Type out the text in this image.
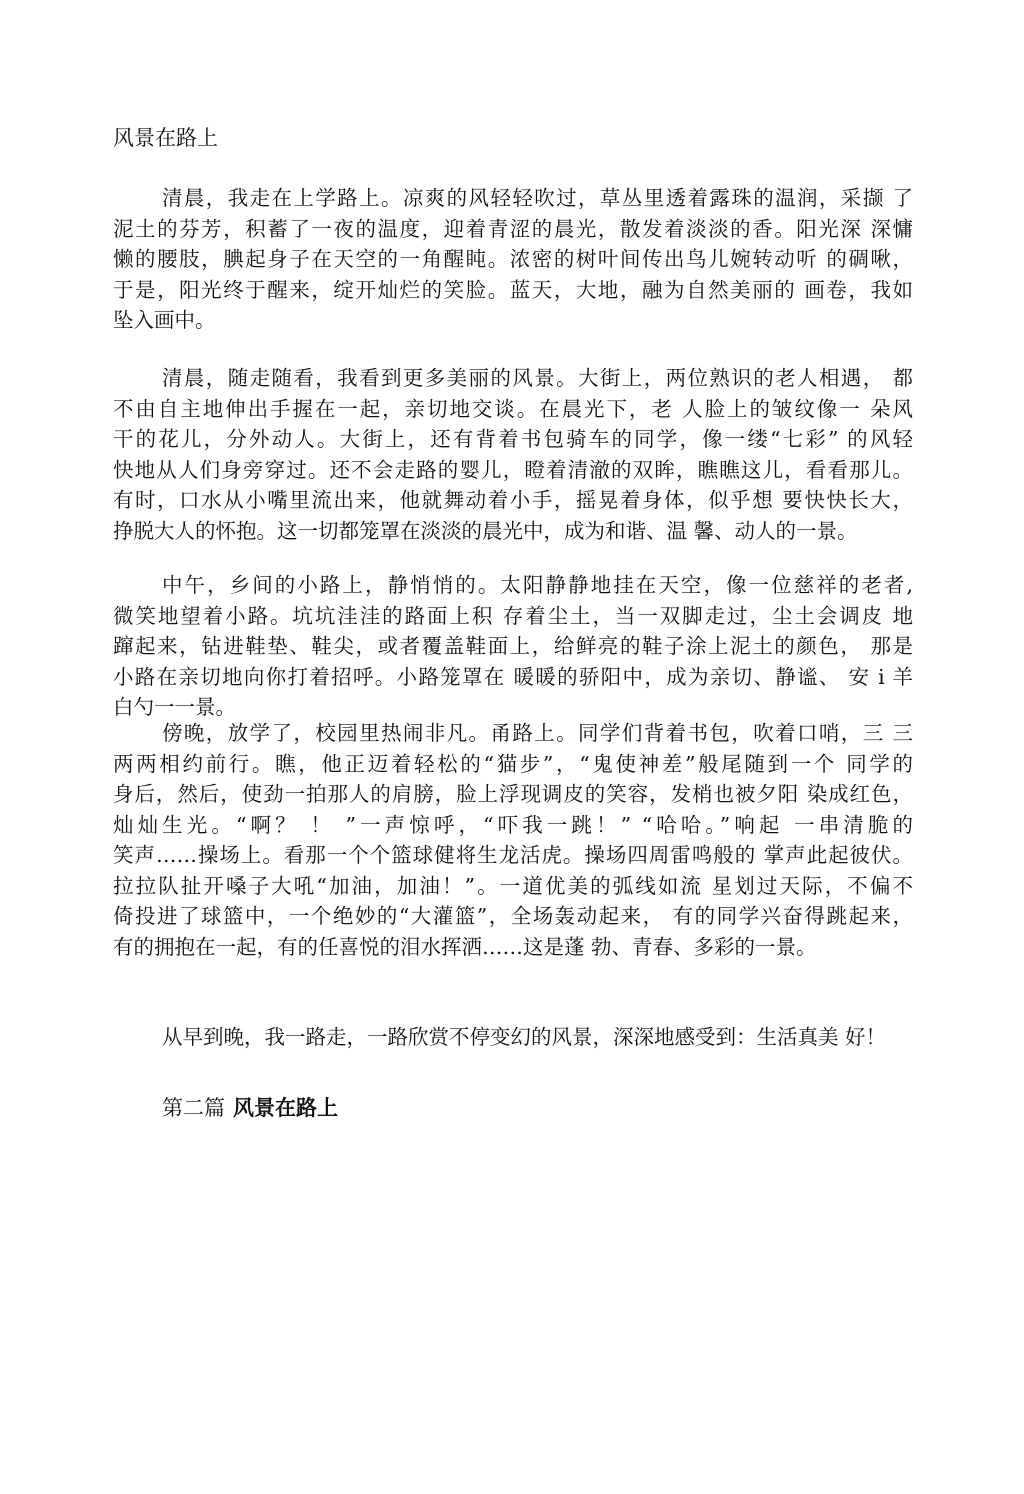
风景在路上
清晨，我走在上学路上。凉爽的风轻轻吹过，草丛里透着露珠的温润，采撷 了
泥土的芬芳，积蓄了一夜的温度，迎着青涩的晨光，散发着淡淡的香。阳光深 深慵
懒的腰肢，腆起身子在天空的一角醒盹。浓密的树叶间传出鸟儿婉转动听 的碉啾，
于是，阳光终于醒来，绽开灿烂的笑脸。蓝天，大地，融为自然美丽的 画卷，我如
坠入画中。
清晨，随走随看，我看到更多美丽的风景。大街上，两位熟识的老人相遇， 都
不由自主地伸出手握在一起，亲切地交谈。在晨光下，老 人脸上的皱纹像一 朵风
干的花儿，分外动人。大街上，还有背着书包骑车的同学，像一缕“七彩” 的风轻
快地从人们身旁穿过。还不会走路的婴儿，瞪着清澈的双眸，瞧瞧这儿，看看那儿。
有时，口水从小嘴里流出来，他就舞动着小手，摇晃着身体，似乎想 要快快长大，
挣脱大人的怀抱。这一切都笼罩在淡淡的晨光中，成为和谐、温 馨、动人的一景。
中午，乡间的小路上，静悄悄的。太阳静静地挂在天空，像一位慈祥的老者,
微笑地望着小路。坑坑洼洼的路面上积 存着尘土，当一双脚走过，尘土会调皮 地
蹿起来，钻进鞋垫、鞋尖，或者覆盖鞋面上，给鲜亮的鞋子涂上泥土的颜色， 那是
小路在亲切地向你打着招呼。小路笼罩在 暖暖的骄阳中，成为亲切、静谧、 安 i 羊
白勺一一景。
傍晚，放学了，校园里热闹非凡。甬路上。同学们背着书包，吹着口哨，三 三
两两相约前行。瞧，他正迈着轻松的“猫步”，“鬼使神差”般尾随到一个 同学的
身后，然后，使劲一拍那人的肩膀，脸上浮现调皮的笑容，发梢也被夕阳 染成红色，
灿灿生光。“啊？ ！ ”一声惊呼，“吓我一跳！” “哈哈。”响起 一串清脆的
笑声……操场上。看那一个个篮球健将生龙活虎。操场四周雷鸣般的 掌声此起彼伏。
拉拉队扯开嗓子大吼“加油，加油！”。一道优美的弧线如流 星划过天际，不偏不
倚投进了球篮中，一个绝妙的“大灌篮”，全场轰动起来， 有的同学兴奋得跳起来，
有的拥抱在一起，有的任喜悦的泪水挥洒……这是蓬 勃、青春、多彩的一景。
从早到晚，我一路走，一路欣赏不停变幻的风景，深深地感受到：生活真美 好！
第二篇 风景在路上
